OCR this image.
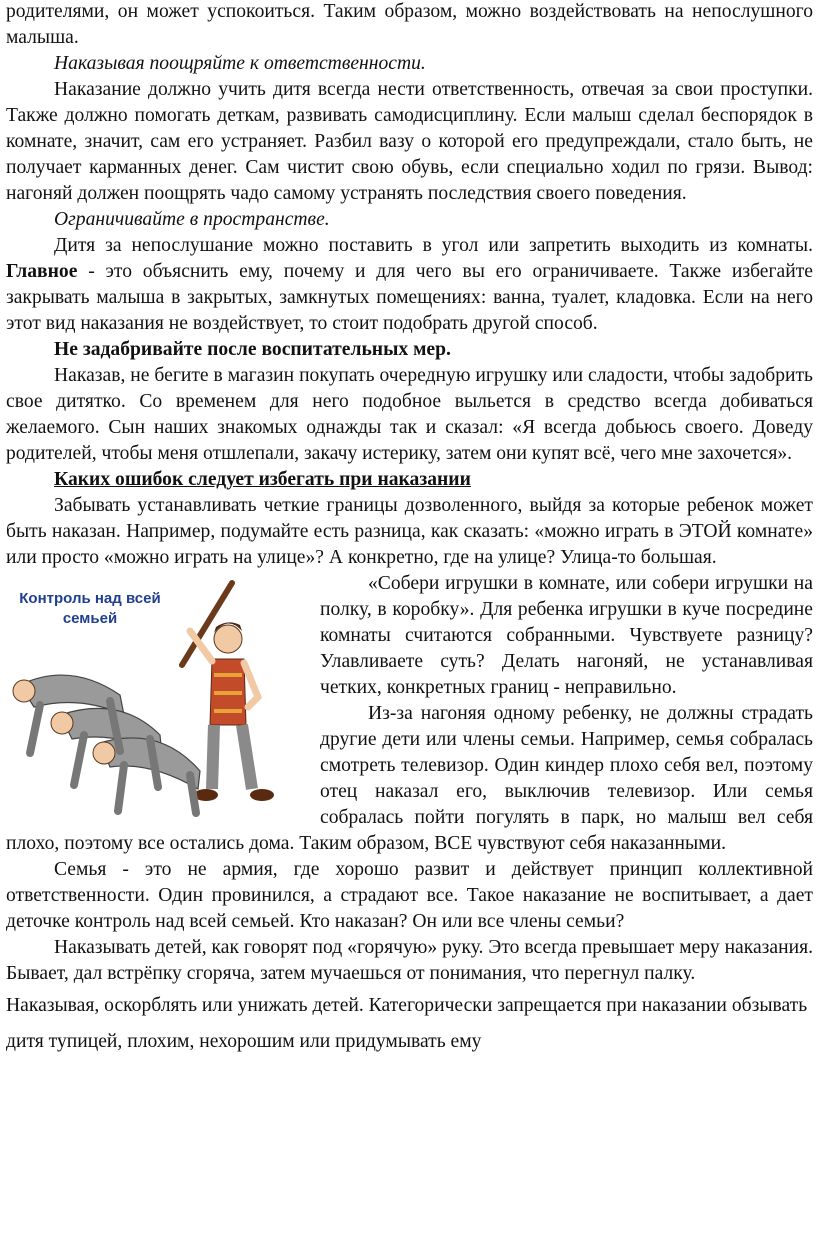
родителями, он может успокоиться. Таким образом, можно воздействовать на непослушного малыша.

Наказывая поощряйте к ответственности.

Наказание должно учить дитя всегда нести ответственность, отвечая за свои проступки. Также должно помогать деткам, развивать самодисциплину. Если малыш сделал беспорядок в комнате, значит, сам его устраняет. Разбил вазу о которой его предупреждали, стало быть, не получает карманных денег. Сам чистит свою обувь, если специально ходил по грязи. Вывод: нагоняй должен поощрять чадо самому устранять последствия своего поведения.

Ограничивайте в пространстве.

Дитя за непослушание можно поставить в угол или запретить выходить из комнаты. Главное - это объяснить ему, почему и для чего вы его ограничиваете. Также избегайте закрывать малыша в закрытых, замкнутых помещениях: ванна, туалет, кладовка. Если на него этот вид наказания не воздействует, то стоит подобрать другой способ.

Не задабривайте после воспитательных мер.

Наказав, не бегите в магазин покупать очередную игрушку или сладости, чтобы задобрить свое дитятко. Со временем для него подобное выльется в средство всегда добиваться желаемого. Сын наших знакомых однажды так и сказал: «Я всегда добьюсь своего. Доведу родителей, чтобы меня отшлепали, закачу истерику, затем они купят всё, чего мне захочется».

Каких ошибок следует избегать при наказании

Забывать устанавливать четкие границы дозволенного, выйдя за которые ребенок может быть наказан. Например, подумайте есть разница, как сказать: «можно играть в ЭТОЙ комнате» или просто «можно играть на улице»? А конкретно, где на улице? Улица-то большая.

Контроль над всей семьей

«Собери игрушки в комнате, или собери игрушки на полку, в коробку». Для ребенка игрушки в куче посредине комнаты считаются собранными. Чувствуете разницу? Улавливаете суть? Делать нагоняй, не устанавливая четких, конкретных границ - неправильно.

Из-за нагоняя одному ребенку, не должны страдать другие дети или члены семьи. Например, семья собралась смотреть телевизор. Один киндер плохо себя вел, поэтому отец наказал его, выключив телевизор. Или семья собралась пойти погулять в парк, но малыш вел себя плохо, поэтому все остались дома. Таким образом, ВСЕ чувствуют себя наказанными.

Семья - это не армия, где хорошо развит и действует принцип коллективной ответственности. Один провинился, а страдают все. Такое наказание не воспитывает, а дает деточке контроль над всей семьей. Кто наказан? Он или все члены семьи?

Наказывать детей, как говорят под «горячую» руку. Это всегда превышает меру наказания. Бывает, дал встрёпку сгоряча, затем мучаешься от понимания, что перегнул палку.

Наказывая, оскорблять или унижать детей. Категорически запрещается при наказании обзывать дитя тупицей, плохим, нехорошим или придумывать ему
